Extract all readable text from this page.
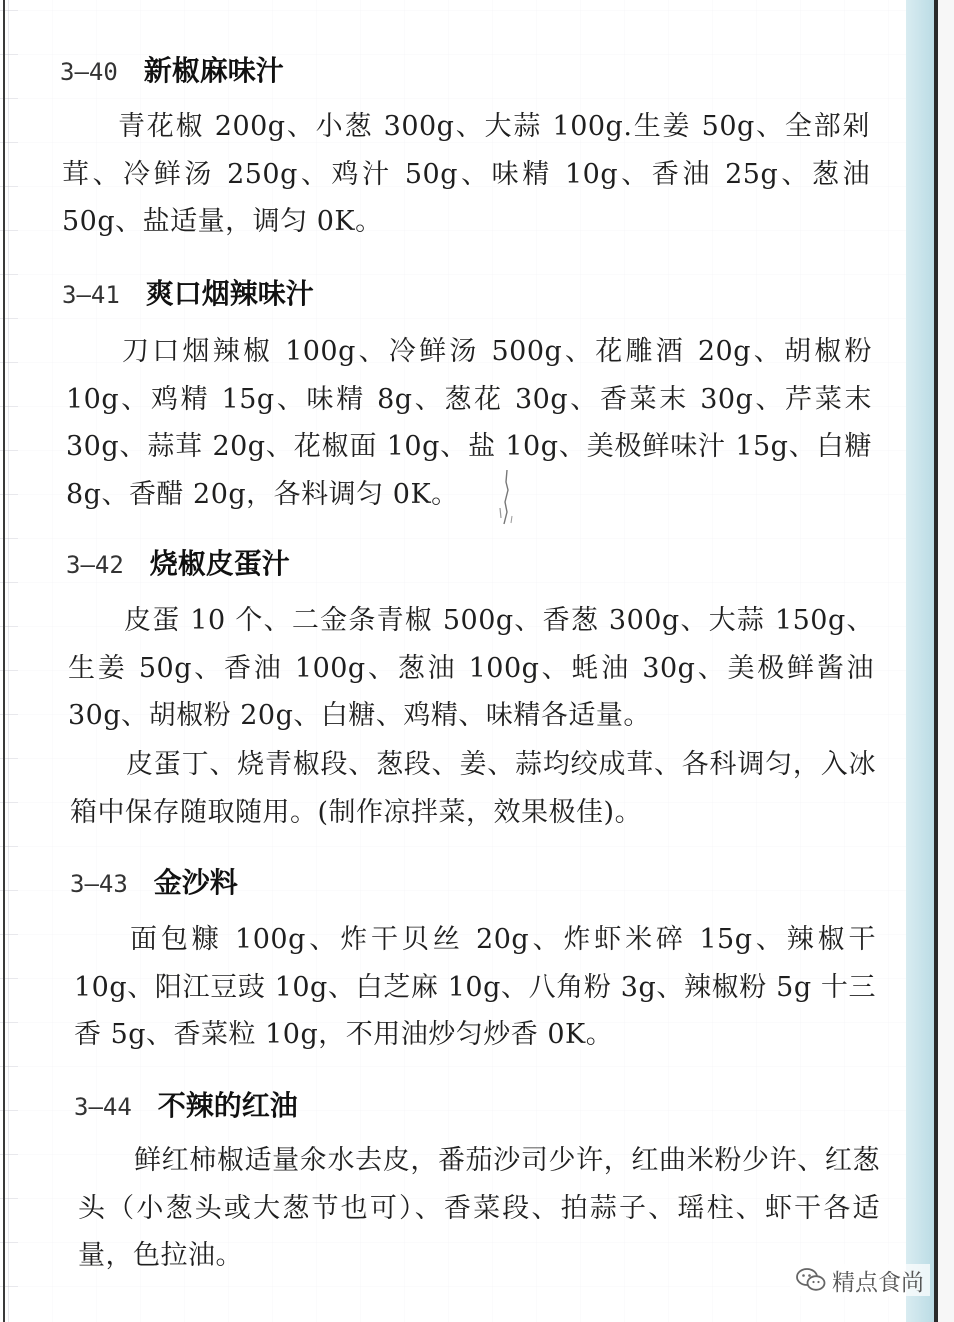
3—40 新椒麻味汁
青花椒 200g、小葱 300g、大蒜 100g.生姜 50g、全部剁茸、冷鲜汤 250g、鸡汁 50g、味精 10g、香油 25g、葱油 50g、盐适量，调匀 0K。
3—41 爽口烟辣味汁
刀口烟辣椒 100g、冷鲜汤 500g、花雕酒 20g、胡椒粉 10g、鸡精 15g、味精 8g、葱花 30g、香菜末 30g、芹菜末 30g、蒜茸 20g、花椒面 10g、盐 10g、美极鲜味汁 15g、白糖 8g、香醋 20g，各料调匀 0K。
3—42 烧椒皮蛋汁
皮蛋 10 个、二金条青椒 500g、香葱 300g、大蒜 150g、生姜 50g、香油 100g、葱油 100g、蚝油 30g、美极鲜酱油 30g、胡椒粉 20g、白糖、鸡精、味精各适量。
皮蛋丁、烧青椒段、葱段、姜、蒜均绞成茸、各科调匀，入冰箱中保存随取随用。(制作凉拌菜，效果极佳)。
3—43 金沙料
面包糠 100g、炸干贝丝 20g、炸虾米碎 15g、辣椒干 10g、阳江豆豉 10g、白芝麻 10g、八角粉 3g、辣椒粉 5g 十三香 5g、香菜粒 10g，不用油炒匀炒香 0K。
3—44 不辣的红油
鲜红柿椒适量氽水去皮，番茄沙司少许，红曲米粉少许、红葱头（小葱头或大葱节也可）、香菜段、拍蒜子、瑶柱、虾干各适量，色拉油。
精点食尚
